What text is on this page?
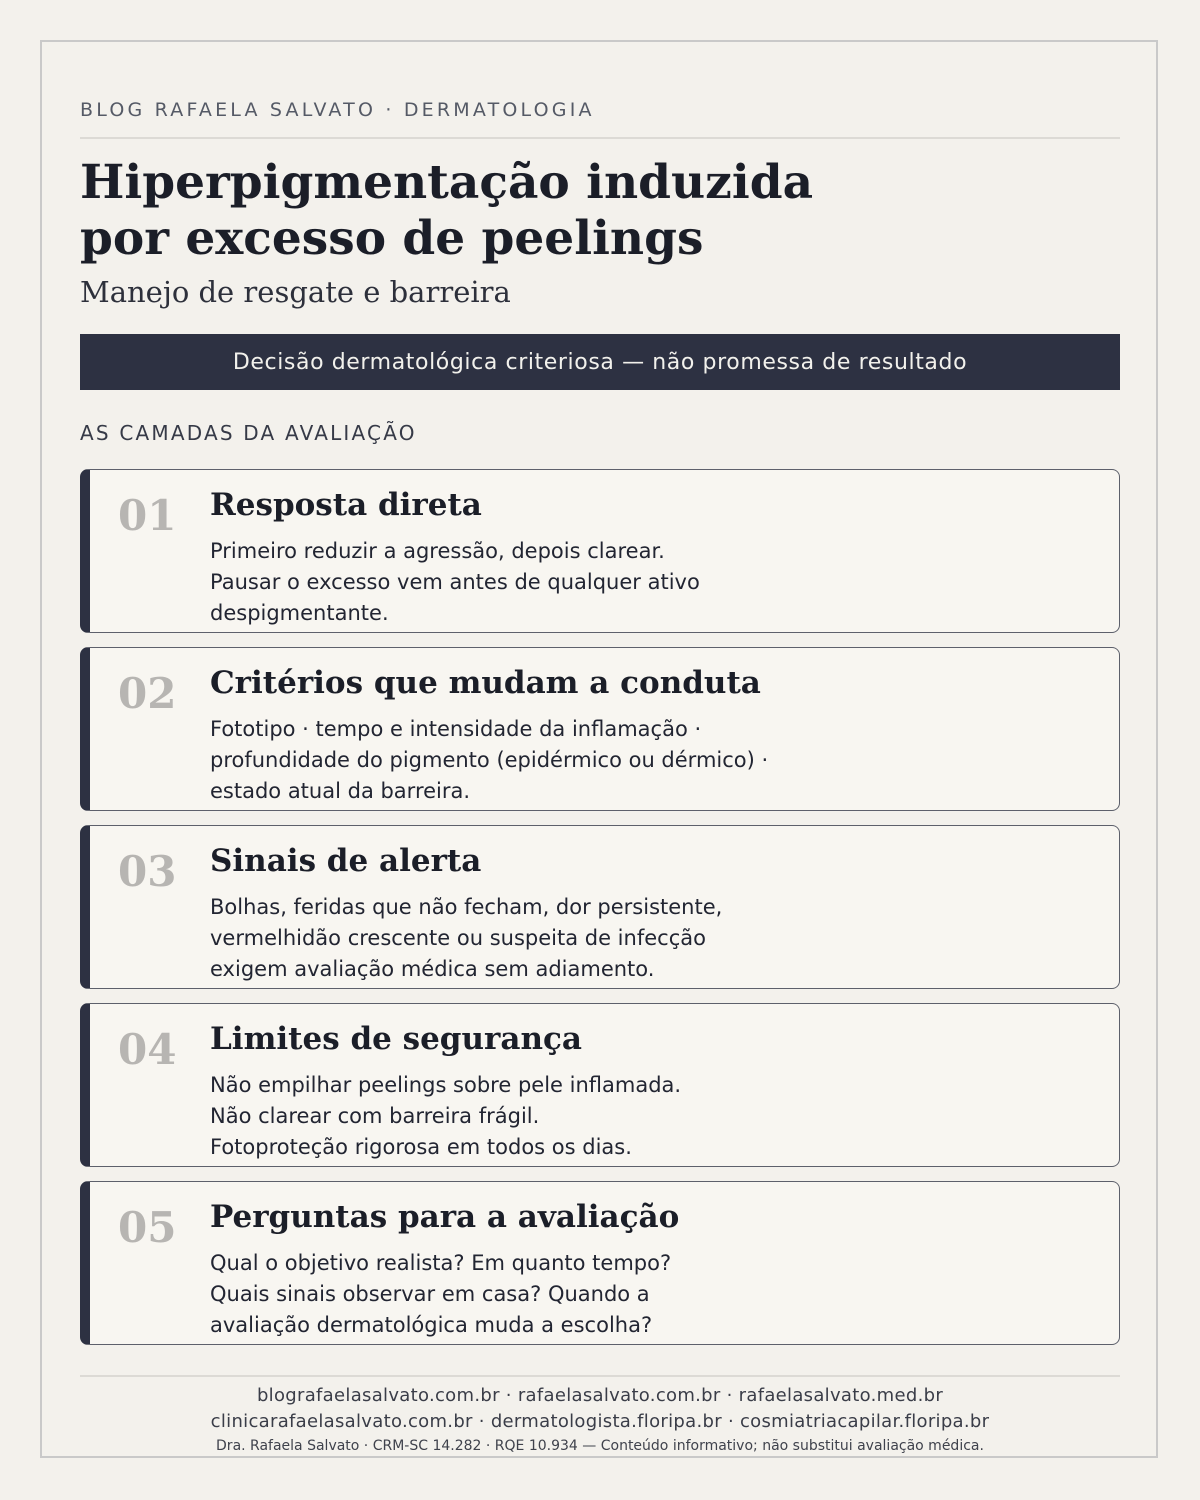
BLOG RAFAELA SALVATO · DERMATOLOGIA
Hiperpigmentação induzida
por excesso de peelings
Manejo de resgate e barreira
Decisão dermatológica criteriosa — não promessa de resultado
AS CAMADAS DA AVALIAÇÃO
01 Resposta direta

Primeiro reduzir a agressão, depois clarear.
Pausar o excesso vem antes de qualquer ativo
despigmentante.

02 Critérios que mudam a conduta

Fototipo · tempo e intensidade da inflamação ·
profundidade do pigmento (epidérmico ou dérmico) ·
estado atual da barreira.

03 Sinais de alerta

Bolhas, feridas que não fecham, dor persistente,
vermelhidão crescente ou suspeita de infecção
exigem avaliação médica sem adiamento.

04 Limites de segurança

Não empilhar peelings sobre pele inflamada.
Não clarear com barreira frágil.
Fotoproteção rigorosa em todos os dias.

05 Perguntas para a avaliação

Qual o objetivo realista? Em quanto tempo?
Quais sinais observar em casa? Quando a
avaliação dermatológica muda a escolha?

blografaelasalvato.com.br · rafaelasalvato.com.br · rafaelasalvato.med.br
clinicarafaelasalvato.com.br · dermatologista.floripa.br · cosmiatriacapilar.floripa.br
Dra. Rafaela Salvato · CRM-SC 14.282 · RQE 10.934 — Conteúdo informativo; não substitui avaliação médica.
